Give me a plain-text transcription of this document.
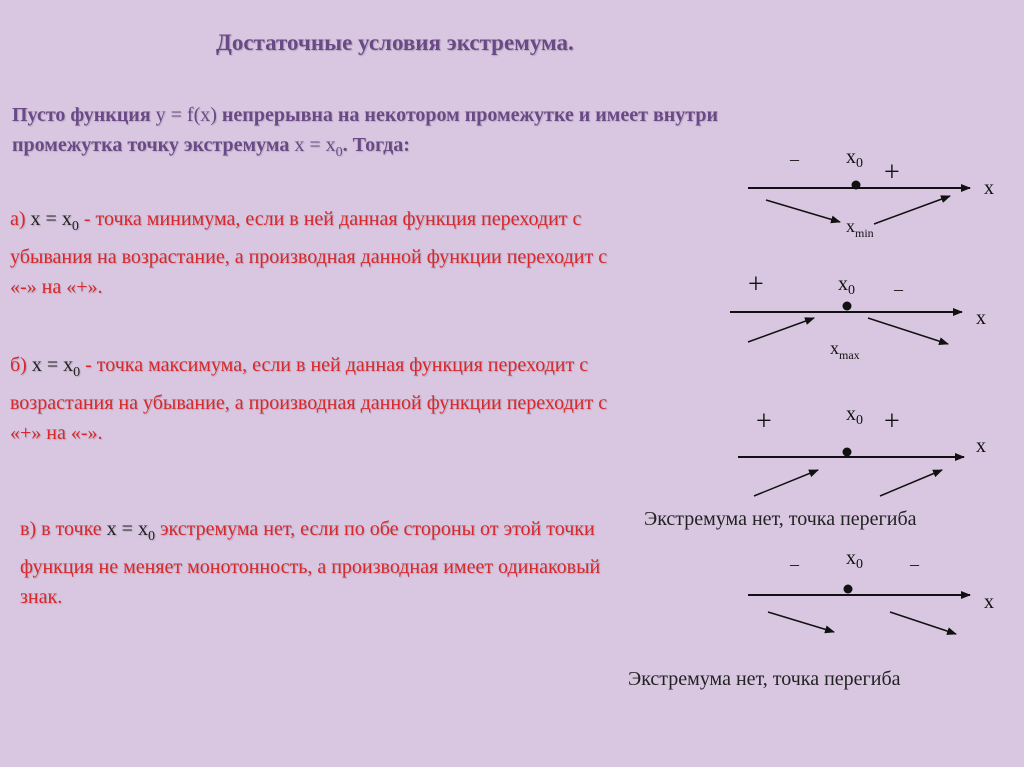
Достаточные условия экстремума.
Пусто функция y = f(x) непрерывна на некотором промежутке и имеет внутри
промежутка точку экстремума $x = x_0$. Тогда:
а) $x = x_0$ - точка минимума, если в ней данная функция переходит с убывания на возрастание, а производная данной функции переходит с «-» на «+».
б) $x = x_0$ - точка максимума, если в ней данная функция переходит с возрастания на убывание, а производная данной функции переходит с «+» на «-».
в) в точке $x = x_0$ экстремума нет, если по обе стороны от этой точки функция не меняет монотонность, а производная имеет одинаковый знак.
Экстремума нет, точка перегиба
Экстремума нет, точка перегиба
–	+
$x_0$
x
$x_{min}$
+	–
$x_0$
x
$x_{max}$
+	+
$x_0$
x
–	–
$x_0$
x
